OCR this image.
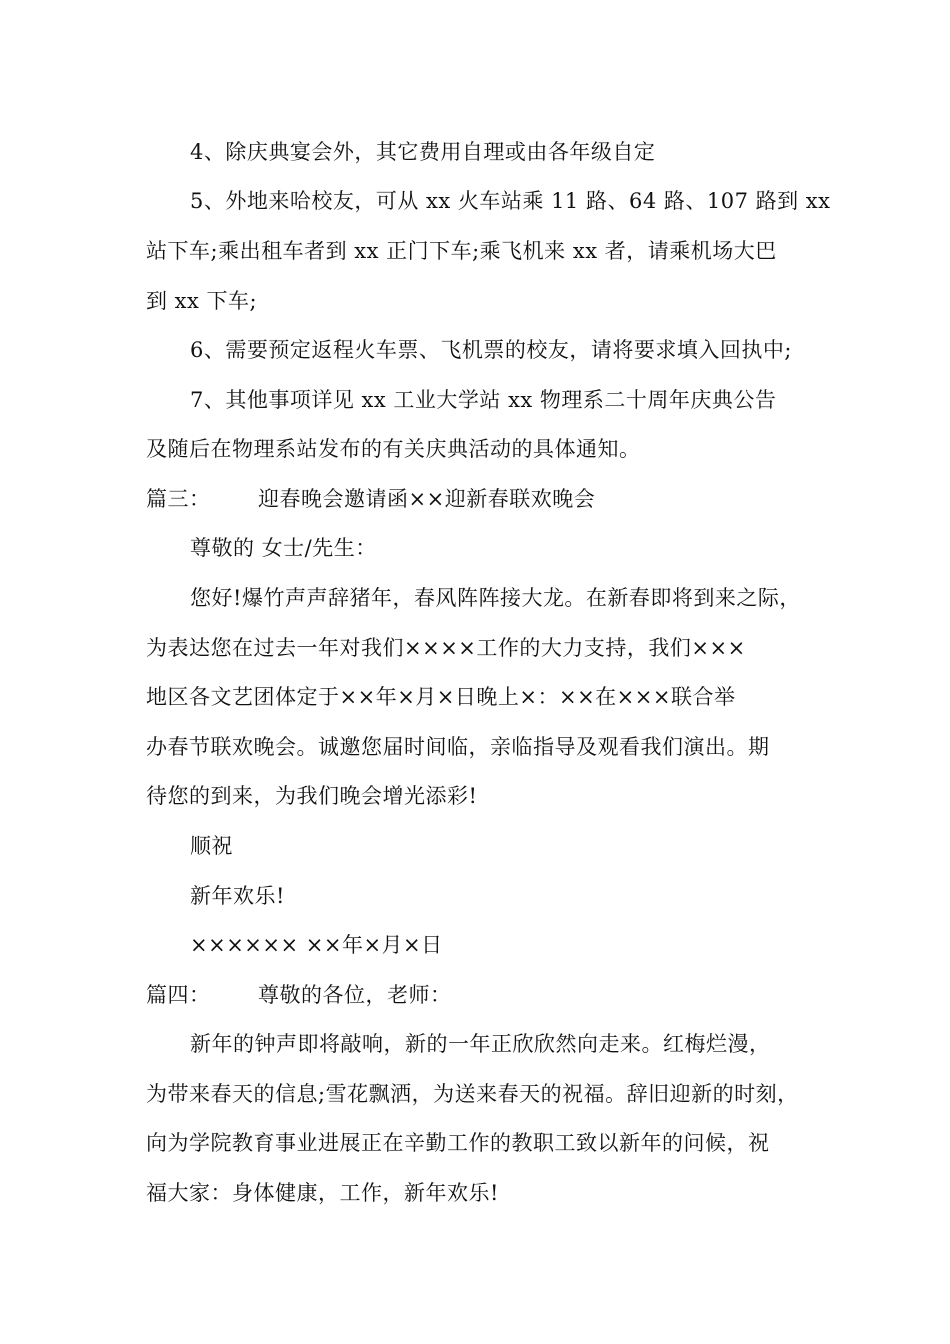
4、除庆典宴会外，其它费用自理或由各年级自定
5、外地来哈校友，可从 xx 火车站乘 11 路、64 路、107 路到 xx
站下车;乘出租车者到 xx 正门下车;乘飞机来 xx 者，请乘机场大巴
到 xx 下车;
6、需要预定返程火车票、飞机票的校友，请将要求填入回执中;
7、其他事项详见 xx 工业大学站 xx 物理系二十周年庆典公告
及随后在物理系站发布的有关庆典活动的具体通知。
篇三： 迎春晚会邀请函××迎新春联欢晚会
尊敬的 女士/先生：
您好!爆竹声声辞猪年，春风阵阵接大龙。在新春即将到来之际，
为表达您在过去一年对我们××××工作的大力支持，我们×××
地区各文艺团体定于××年×月×日晚上×：××在×××联合举
办春节联欢晚会。诚邀您届时间临，亲临指导及观看我们演出。期
待您的到来，为我们晚会增光添彩!
顺祝
新年欢乐!
×××××× ××年×月×日
篇四： 尊敬的各位，老师：
新年的钟声即将敲响，新的一年正欣欣然向走来。红梅烂漫，
为带来春天的信息;雪花飘洒，为送来春天的祝福。辞旧迎新的时刻，
向为学院教育事业进展正在辛勤工作的教职工致以新年的问候，祝
福大家：身体健康，工作，新年欢乐!
